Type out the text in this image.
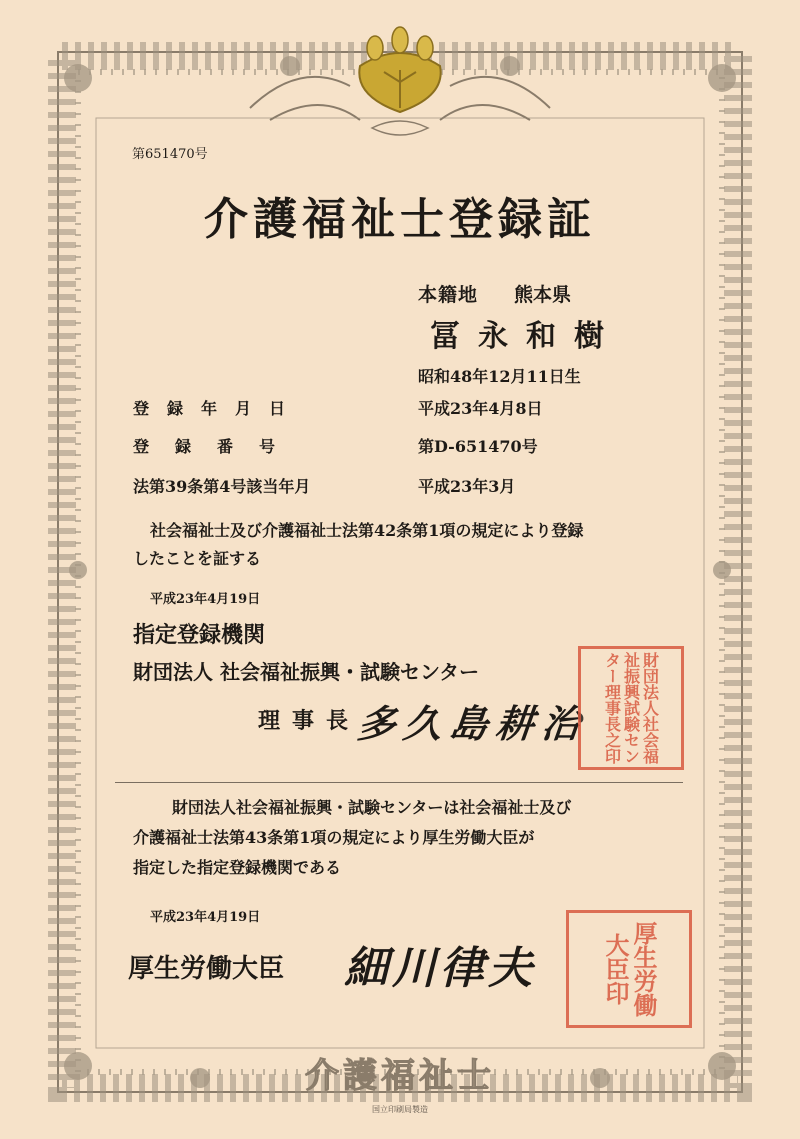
第651470号
介護福祉士登録証
本籍地 熊本県
冨永和樹
昭和48年12月11日生
登録年月日	平成23年4月8日
登録番号	第D-651470号
法第39条第4号該当年月	平成23年3月
社会福祉士及び介護福祉士法第42条第1項の規定により登録
したことを証する
平成23年4月19日
指定登録機関
財団法人 社会福祉振興・試験センター
理事長
多久島耕治	財団法人社会福祉振興試験センター理事長之印
財団法人社会福祉振興・試験センターは社会福祉士及び
介護福祉士法第43条第1項の規定により厚生労働大臣が
指定した指定登録機関である
平成23年4月19日
厚生労働大臣 細川律夫	厚生労働大臣印
介護福祉士
国立印刷局製造
